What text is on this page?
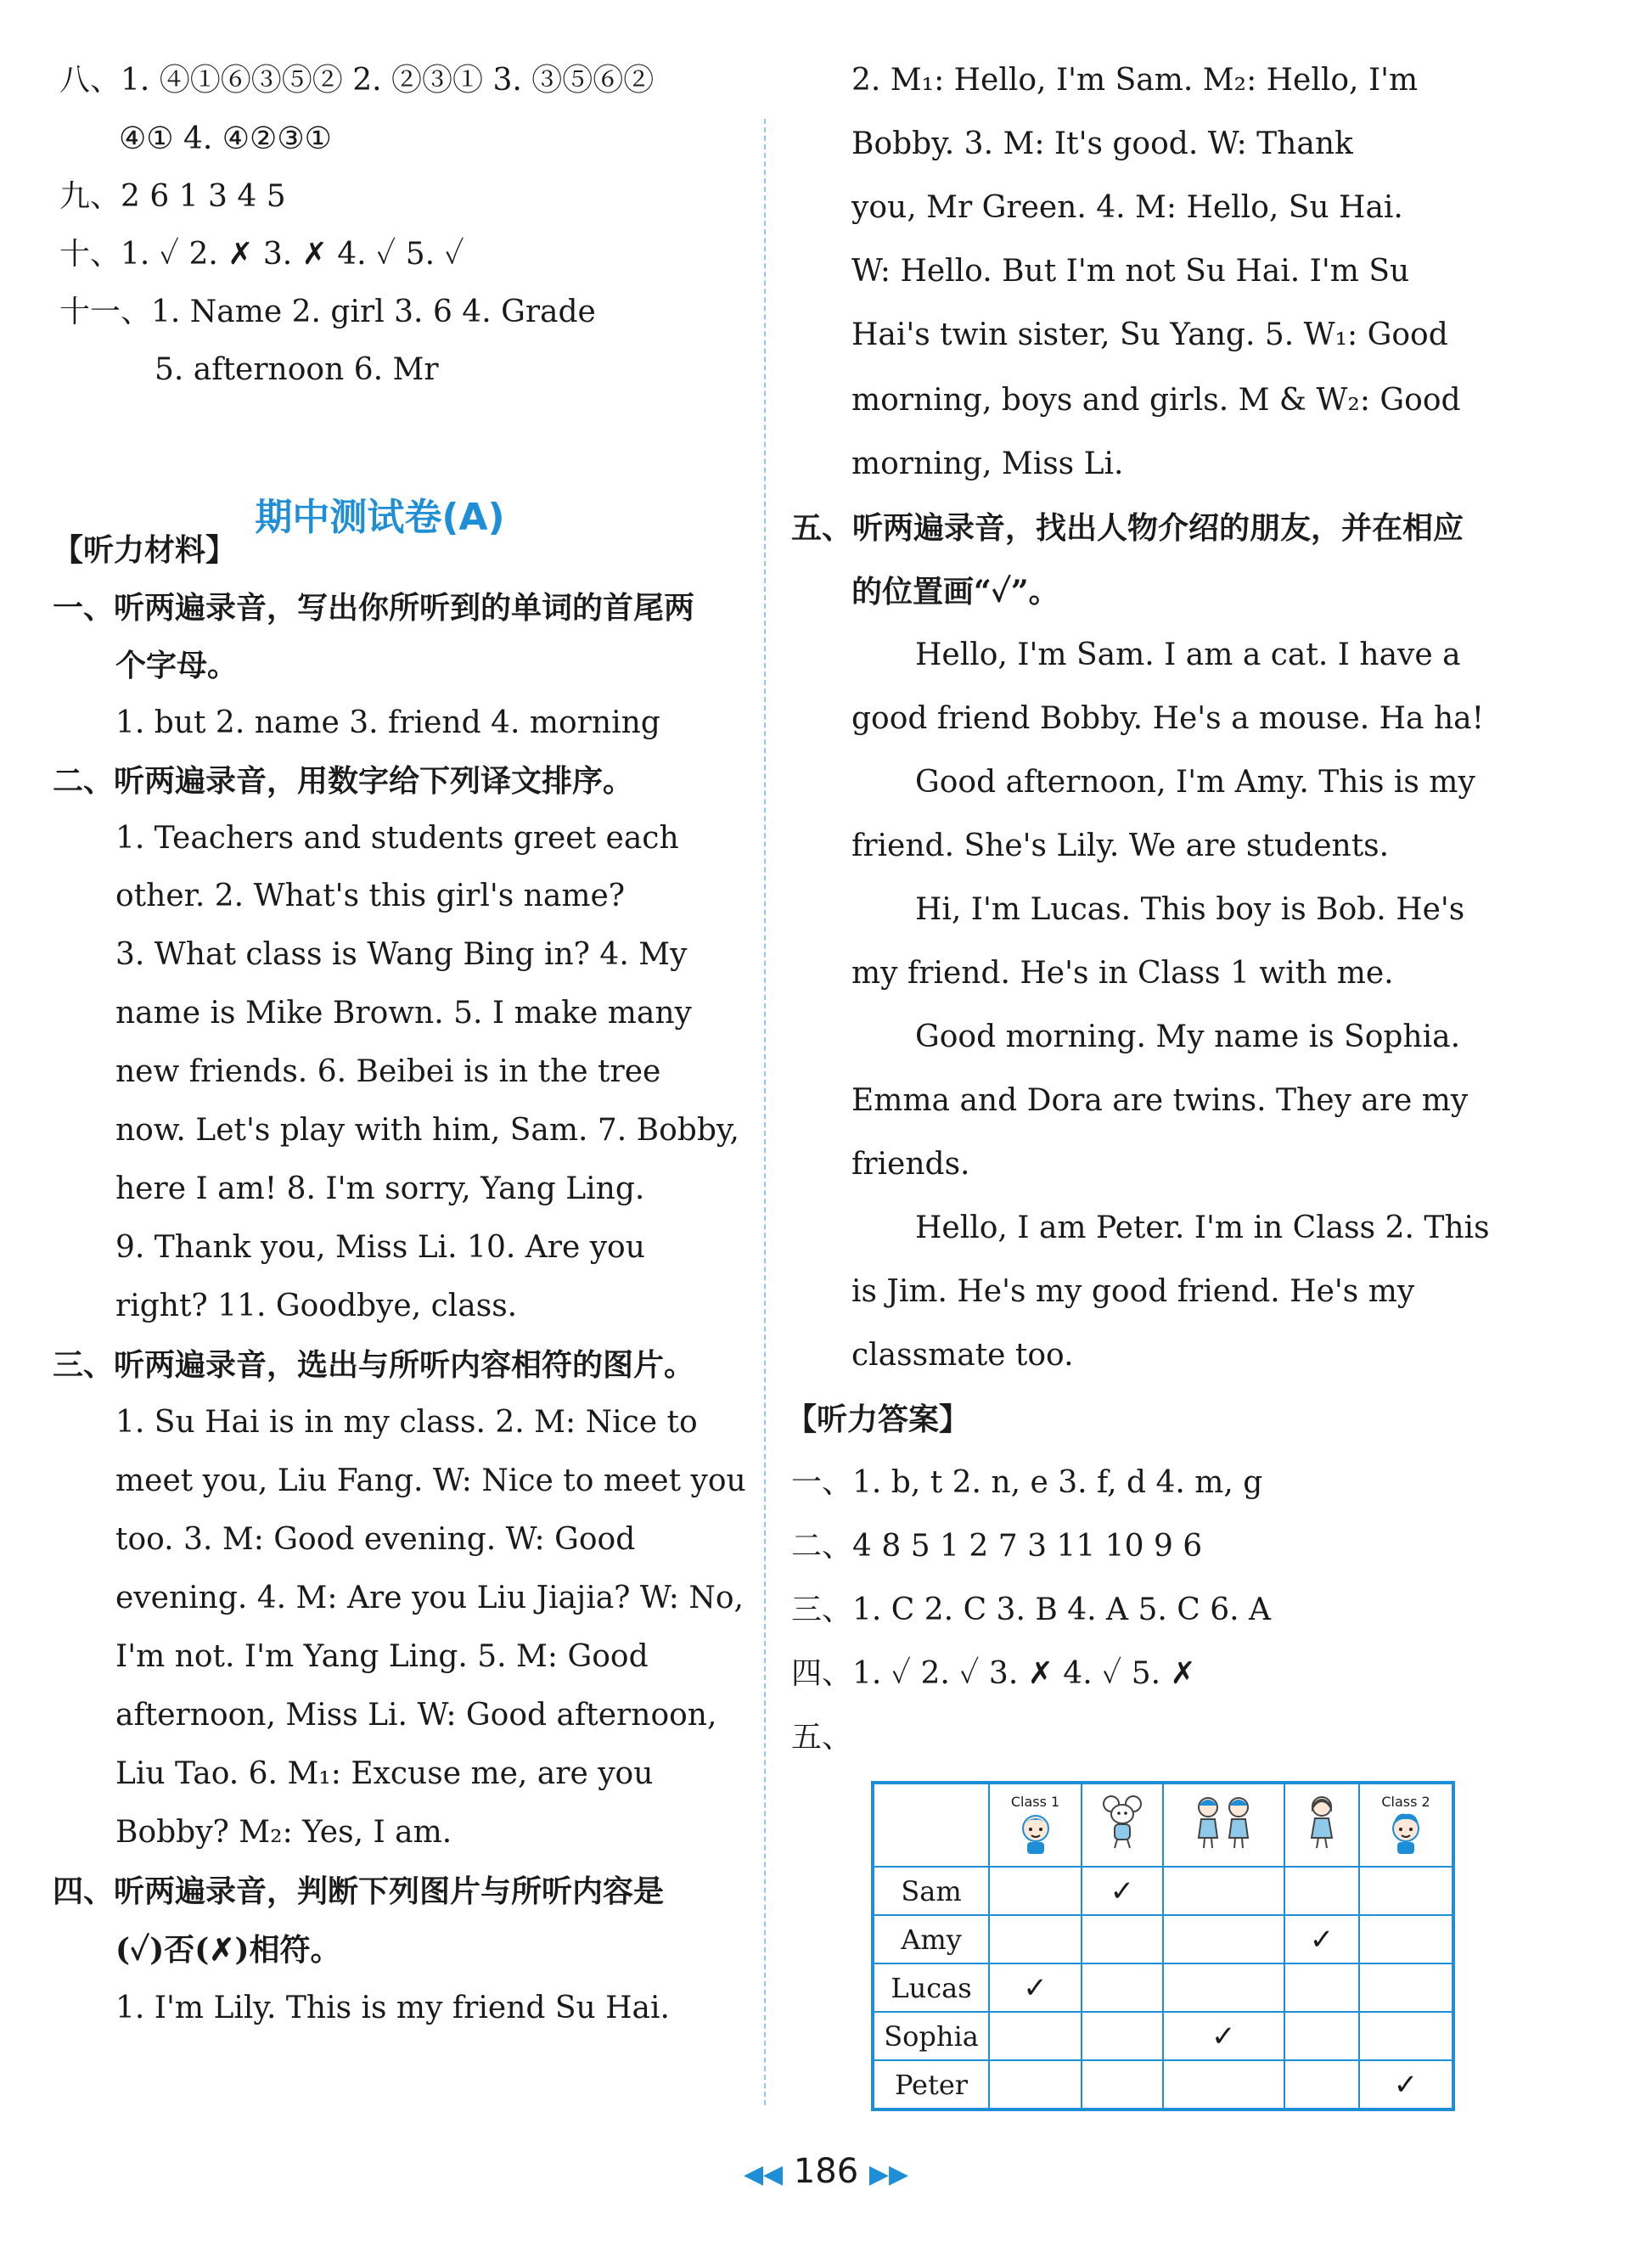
期中测试卷(A)
八、1. ④①⑥③⑤② 2. ②③① 3. ③⑤⑥②
④① 4. ④②③①
九、2 6 1 3 4 5
十、1. ✓ 2. ✗ 3. ✗ 4. ✓ 5. ✓
十一、1. Name 2. girl 3. 6 4. Grade
5. afternoon 6. Mr
【听力材料】
一、听两遍录音，写出你所听到的单词的首尾两
个字母。
1. but 2. name 3. friend 4. morning
二、听两遍录音，用数字给下列译文排序。
1. Teachers and students greet each
other. 2. What's this girl's name?
3. What class is Wang Bing in? 4. My
name is Mike Brown. 5. I make many
new friends. 6. Beibei is in the tree
now. Let's play with him, Sam. 7. Bobby,
here I am! 8. I'm sorry, Yang Ling.
9. Thank you, Miss Li. 10. Are you
right? 11. Goodbye, class.
三、听两遍录音，选出与所听内容相符的图片。
1. Su Hai is in my class. 2. M: Nice to
meet you, Liu Fang. W: Nice to meet you
too. 3. M: Good evening. W: Good
evening. 4. M: Are you Liu Jiajia? W: No,
I'm not. I'm Yang Ling. 5. M: Good
afternoon, Miss Li. W: Good afternoon,
Liu Tao. 6. M₁: Excuse me, are you
Bobby? M₂: Yes, I am.
四、听两遍录音，判断下列图片与所听内容是
(✓)否(✗)相符。
1. I'm Lily. This is my friend Su Hai.
2. M₁: Hello, I'm Sam. M₂: Hello, I'm
Bobby. 3. M: It's good. W: Thank
you, Mr Green. 4. M: Hello, Su Hai.
W: Hello. But I'm not Su Hai. I'm Su
Hai's twin sister, Su Yang. 5. W₁: Good
morning, boys and girls. M & W₂: Good
morning, Miss Li.
五、听两遍录音，找出人物介绍的朋友，并在相应
的位置画“✓”。
Hello, I'm Sam. I am a cat. I have a
good friend Bobby. He's a mouse. Ha ha!
Good afternoon, I'm Amy. This is my
friend. She's Lily. We are students.
Hi, I'm Lucas. This boy is Bob. He's
my friend. He's in Class 1 with me.
Good morning. My name is Sophia.
Emma and Dora are twins. They are my
friends.
Hello, I am Peter. I'm in Class 2. This
is Jim. He's my good friend. He's my
classmate too.
【听力答案】
一、1. b, t 2. n, e 3. f, d 4. m, g
二、4 8 5 1 2 7 3 11 10 9 6
三、1. C 2. C 3. B 4. A 5. C 6. A
四、1. ✓ 2. ✓ 3. ✗ 4. ✓ 5. ✗
五、

	Class 1				Class 2

Sam		✓			
Amy				✓	
Lucas	✓				
Sophia			✓		
Peter					✓
◀◀ 186 ▶▶
